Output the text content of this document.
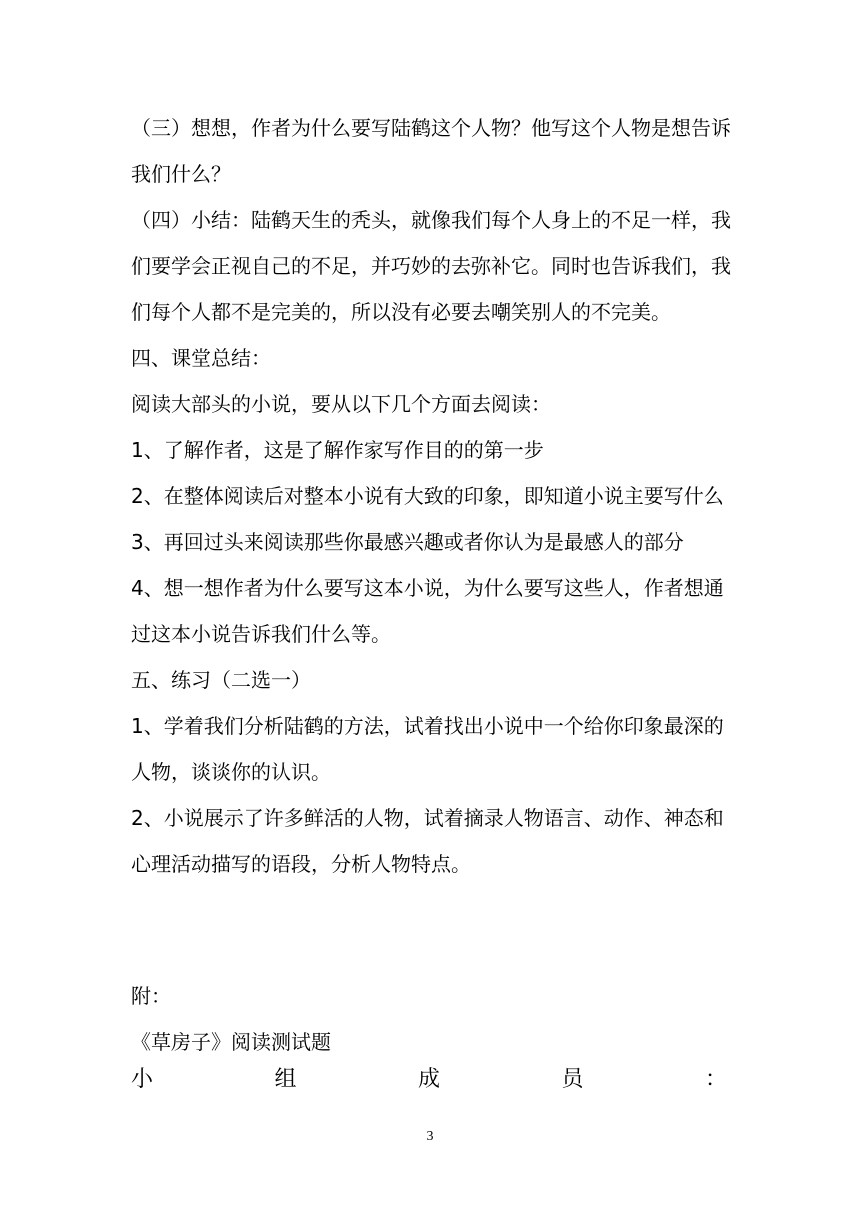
（三）想想，作者为什么要写陆鹤这个人物？他写这个人物是想告诉
我们什么？
（四）小结：陆鹤天生的秃头，就像我们每个人身上的不足一样，我
们要学会正视自己的不足，并巧妙的去弥补它。同时也告诉我们，我
们每个人都不是完美的，所以没有必要去嘲笑别人的不完美。
四、课堂总结：
阅读大部头的小说，要从以下几个方面去阅读：
1、了解作者，这是了解作家写作目的的第一步
2、在整体阅读后对整本小说有大致的印象，即知道小说主要写什么
3、再回过头来阅读那些你最感兴趣或者你认为是最感人的部分
4、想一想作者为什么要写这本小说，为什么要写这些人，作者想通
过这本小说告诉我们什么等。
五、练习（二选一）
1、学着我们分析陆鹤的方法，试着找出小说中一个给你印象最深的
人物，谈谈你的认识。
2、小说展示了许多鲜活的人物，试着摘录人物语言、动作、神态和
心理活动描写的语段，分析人物特点。
附：
《草房子》阅读测试题
小	组	成	员	：
3
